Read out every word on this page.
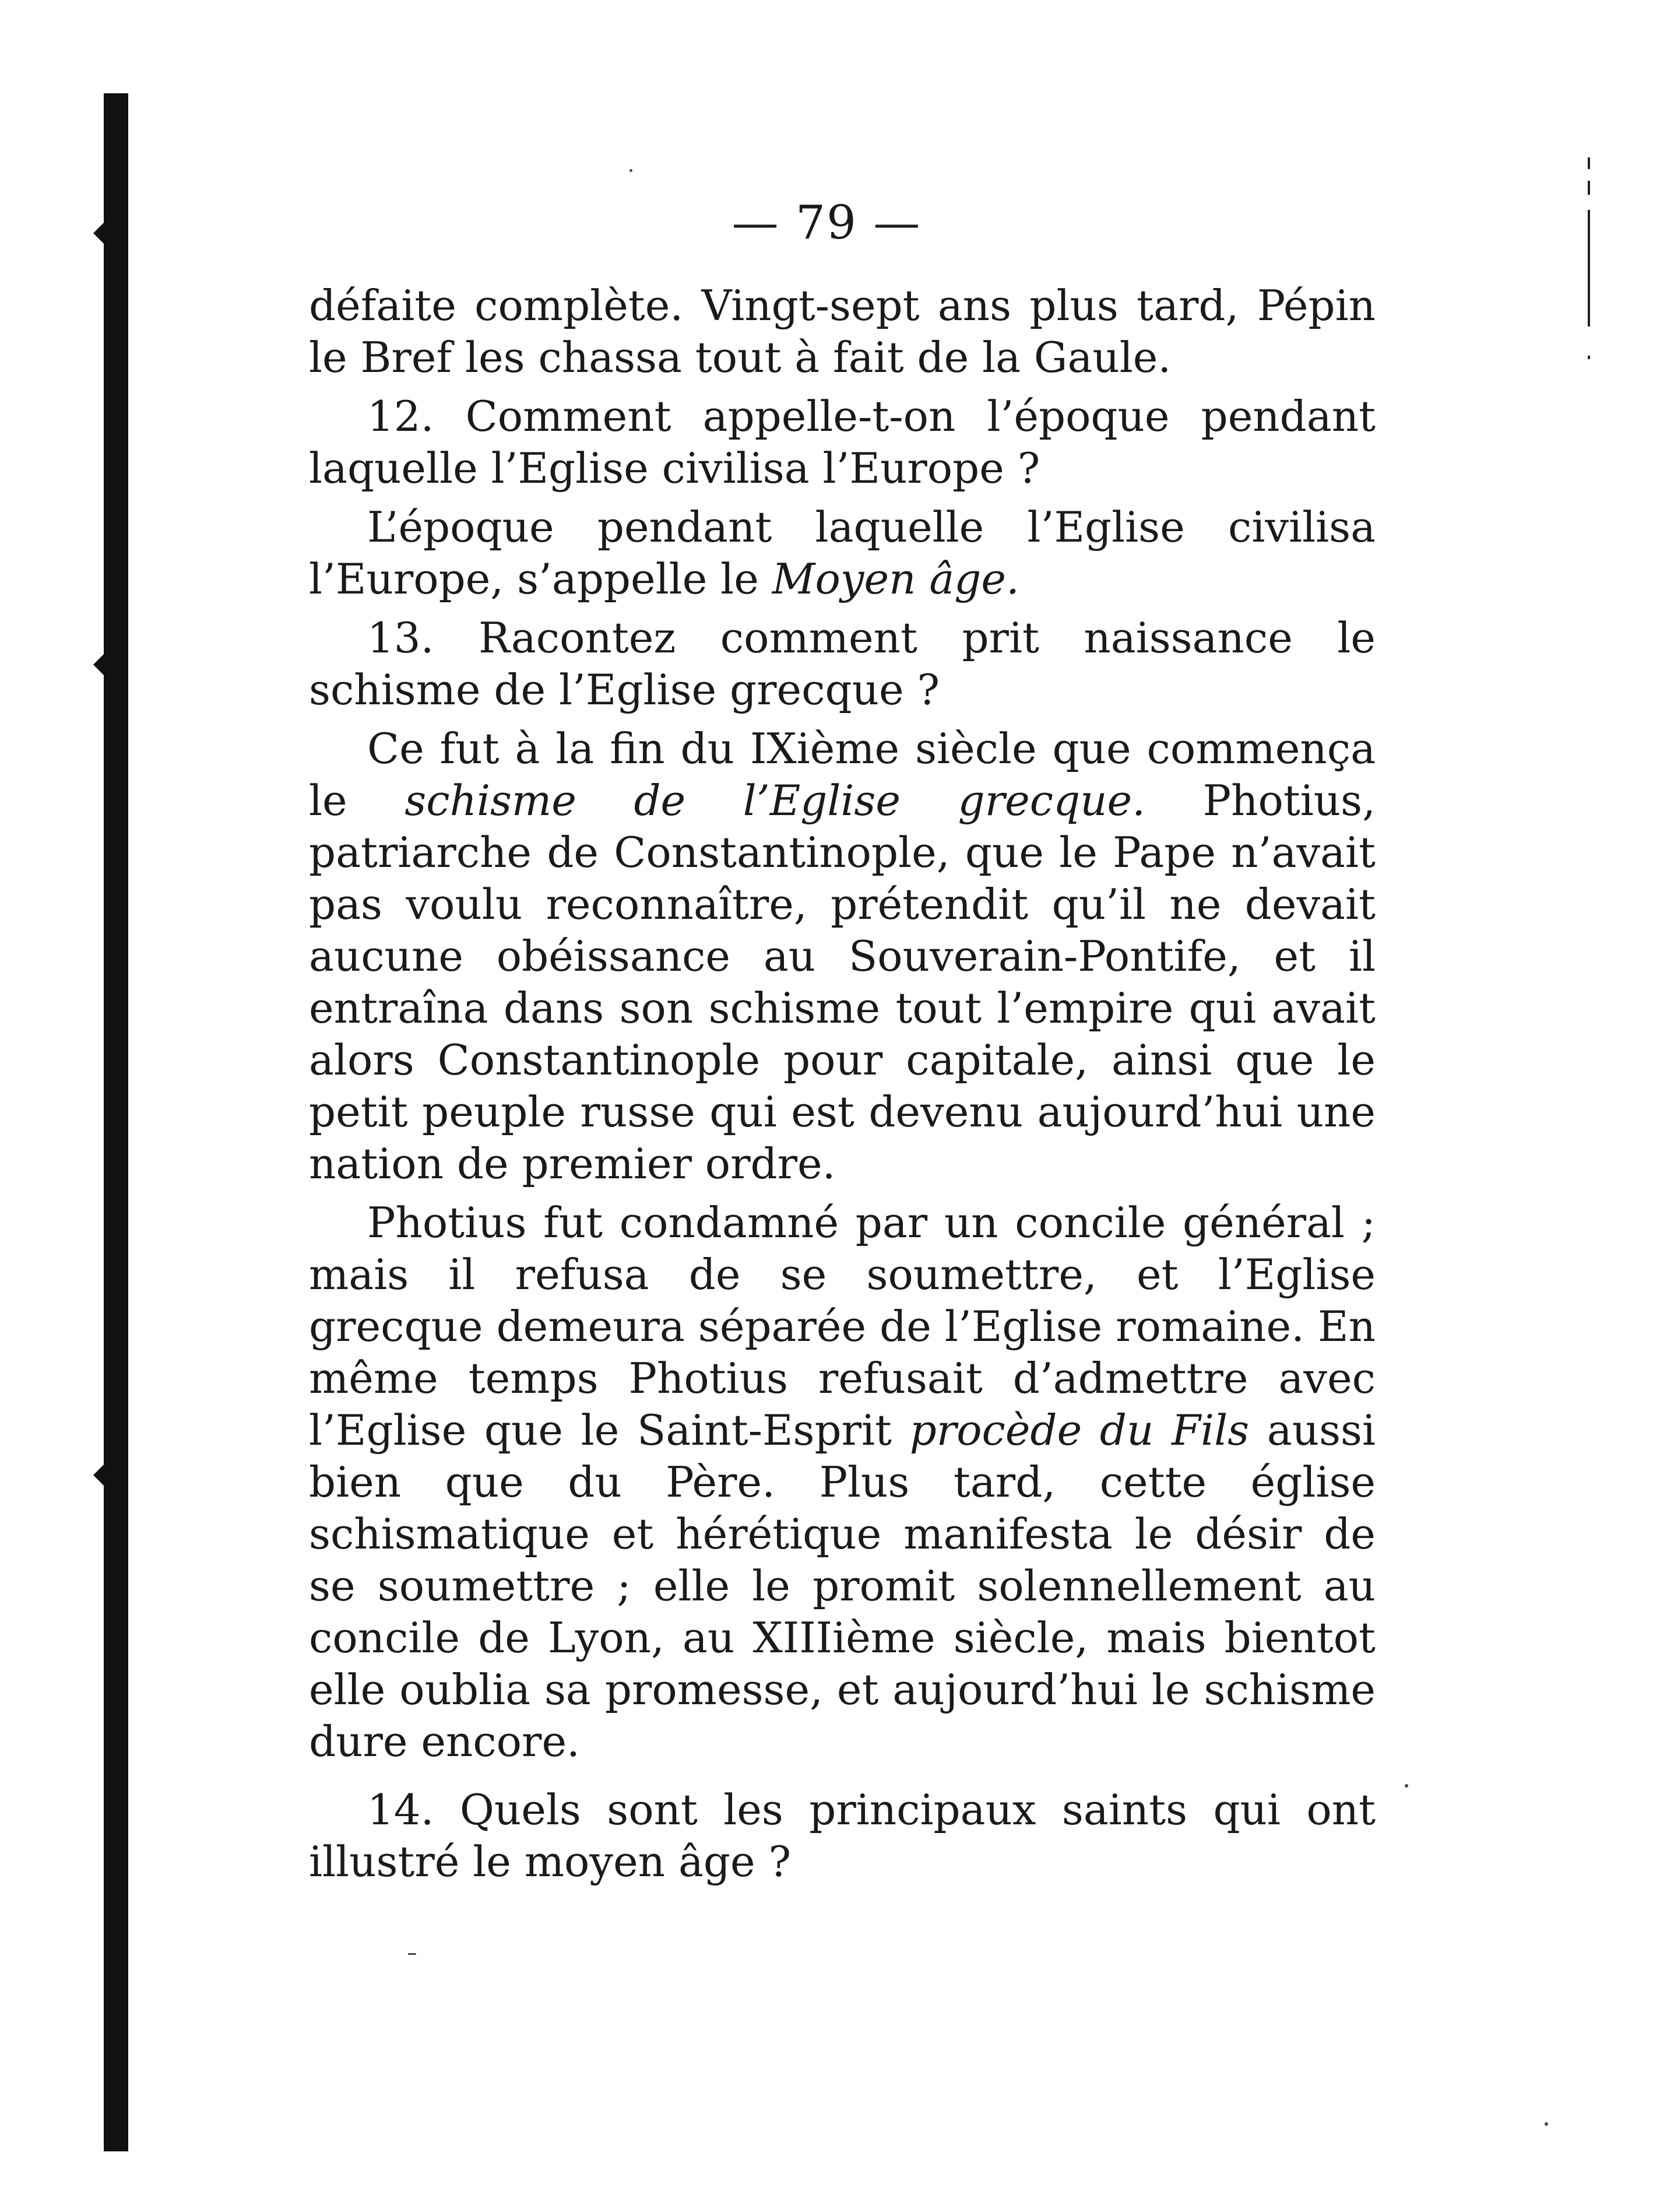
— 79 —

défaite complète. Vingt-sept ans plus tard, Pépin le Bref les chassa tout à fait de la Gaule.

12. Comment appelle-t-on l’époque pendant laquelle l’Eglise civilisa l’Europe ?

L’époque pendant laquelle l’Eglise civilisa l’Europe, s’appelle le Moyen âge.

13. Racontez comment prit naissance le schisme de l’Eglise grecque ?

Ce fut à la fin du IXième siècle que commença le schisme de l’Eglise grecque. Photius, patriarche de Constantinople, que le Pape n’avait pas voulu reconnaître, prétendit qu’il ne devait aucune obéissance au Souverain-Pontife, et il entraîna dans son schisme tout l’empire qui avait alors Constantinople pour capitale, ainsi que le petit peuple russe qui est devenu aujourd’hui une nation de premier ordre.

Photius fut condamné par un concile général ; mais il refusa de se soumettre, et l’Eglise grecque demeura séparée de l’Eglise romaine. En même temps Photius refusait d’admettre avec l’Eglise que le Saint-Esprit procède du Fils aussi bien que du Père. Plus tard, cette église schismatique et hérétique manifesta le désir de se soumettre ; elle le promit solennellement au concile de Lyon, au XIIIième siècle, mais bientot elle oublia sa promesse, et aujourd’hui le schisme dure encore.

14. Quels sont les principaux saints qui ont illustré le moyen âge ?
